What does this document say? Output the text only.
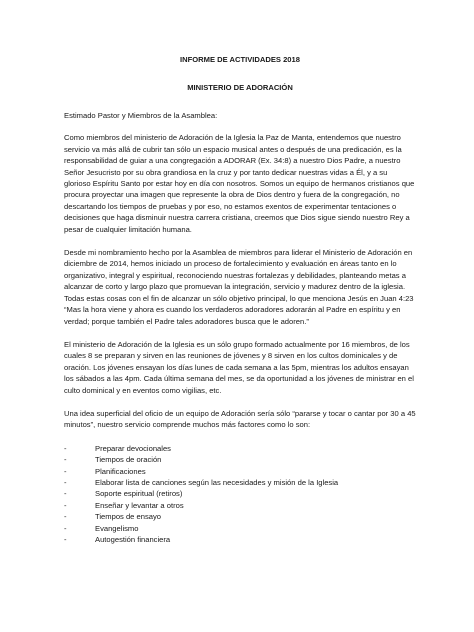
INFORME DE ACTIVIDADES 2018
MINISTERIO DE ADORACIÓN

Estimado Pastor y Miembros de la Asamblea:

Como miembros del ministerio de Adoración de la Iglesia la Paz de Manta, entendemos que nuestro servicio va más allá de cubrir tan sólo un espacio musical antes o después de una predicación, es la responsabilidad de guiar a una congregación a ADORAR (Ex. 34:8) a nuestro Dios Padre, a nuestro Señor Jesucristo por su obra grandiosa en la cruz y por tanto dedicar nuestras vidas a Él, y a su glorioso Espíritu Santo por estar hoy en día con nosotros. Somos un equipo de hermanos cristianos que procura proyectar una imagen que represente la obra de Dios dentro y fuera de la congregación, no descartando los tiempos de pruebas y por eso, no estamos exentos de experimentar tentaciones o decisiones que haga disminuir nuestra carrera cristiana, creemos que Dios sigue siendo nuestro Rey a pesar de cualquier limitación humana.

Desde mi nombramiento hecho por la Asamblea de miembros para liderar el Ministerio de Adoración en diciembre de 2014, hemos iniciado un proceso de fortalecimiento y evaluación en áreas tanto en lo organizativo, integral y espiritual, reconociendo nuestras fortalezas y debilidades, planteando metas a alcanzar de corto y largo plazo que promuevan la integración, servicio y madurez dentro de la iglesia. Todas estas cosas con el fin de alcanzar un sólo objetivo principal, lo que menciona Jesús en Juan 4:23 “Mas la hora viene y ahora es cuando los verdaderos adoradores adorarán al Padre en espíritu y en verdad; porque también el Padre tales adoradores busca que le adoren.”

El ministerio de Adoración de la Iglesia es un sólo grupo formado actualmente por 16 miembros, de los cuales 8 se preparan y sirven en las reuniones de jóvenes y 8 sirven en los cultos dominicales y de oración. Los jóvenes ensayan los días lunes de cada semana a las 5pm, mientras los adultos ensayan los sábados a las 4pm. Cada última semana del mes, se da oportunidad a los jóvenes de ministrar en el culto dominical y en eventos como vigilias, etc.

Una idea superficial del oficio de un equipo de Adoración sería sólo “pararse y tocar o cantar por 30 a 45 minutos”, nuestro servicio comprende muchos más factores como lo son:

-	Preparar devocionales
-	Tiempos de oración
-	Planificaciones
-	Elaborar lista de canciones según las necesidades y misión de la Iglesia
-	Soporte espiritual (retiros)
-	Enseñar y levantar a otros
-	Tiempos de ensayo
-	Evangelismo
-	Autogestión financiera
